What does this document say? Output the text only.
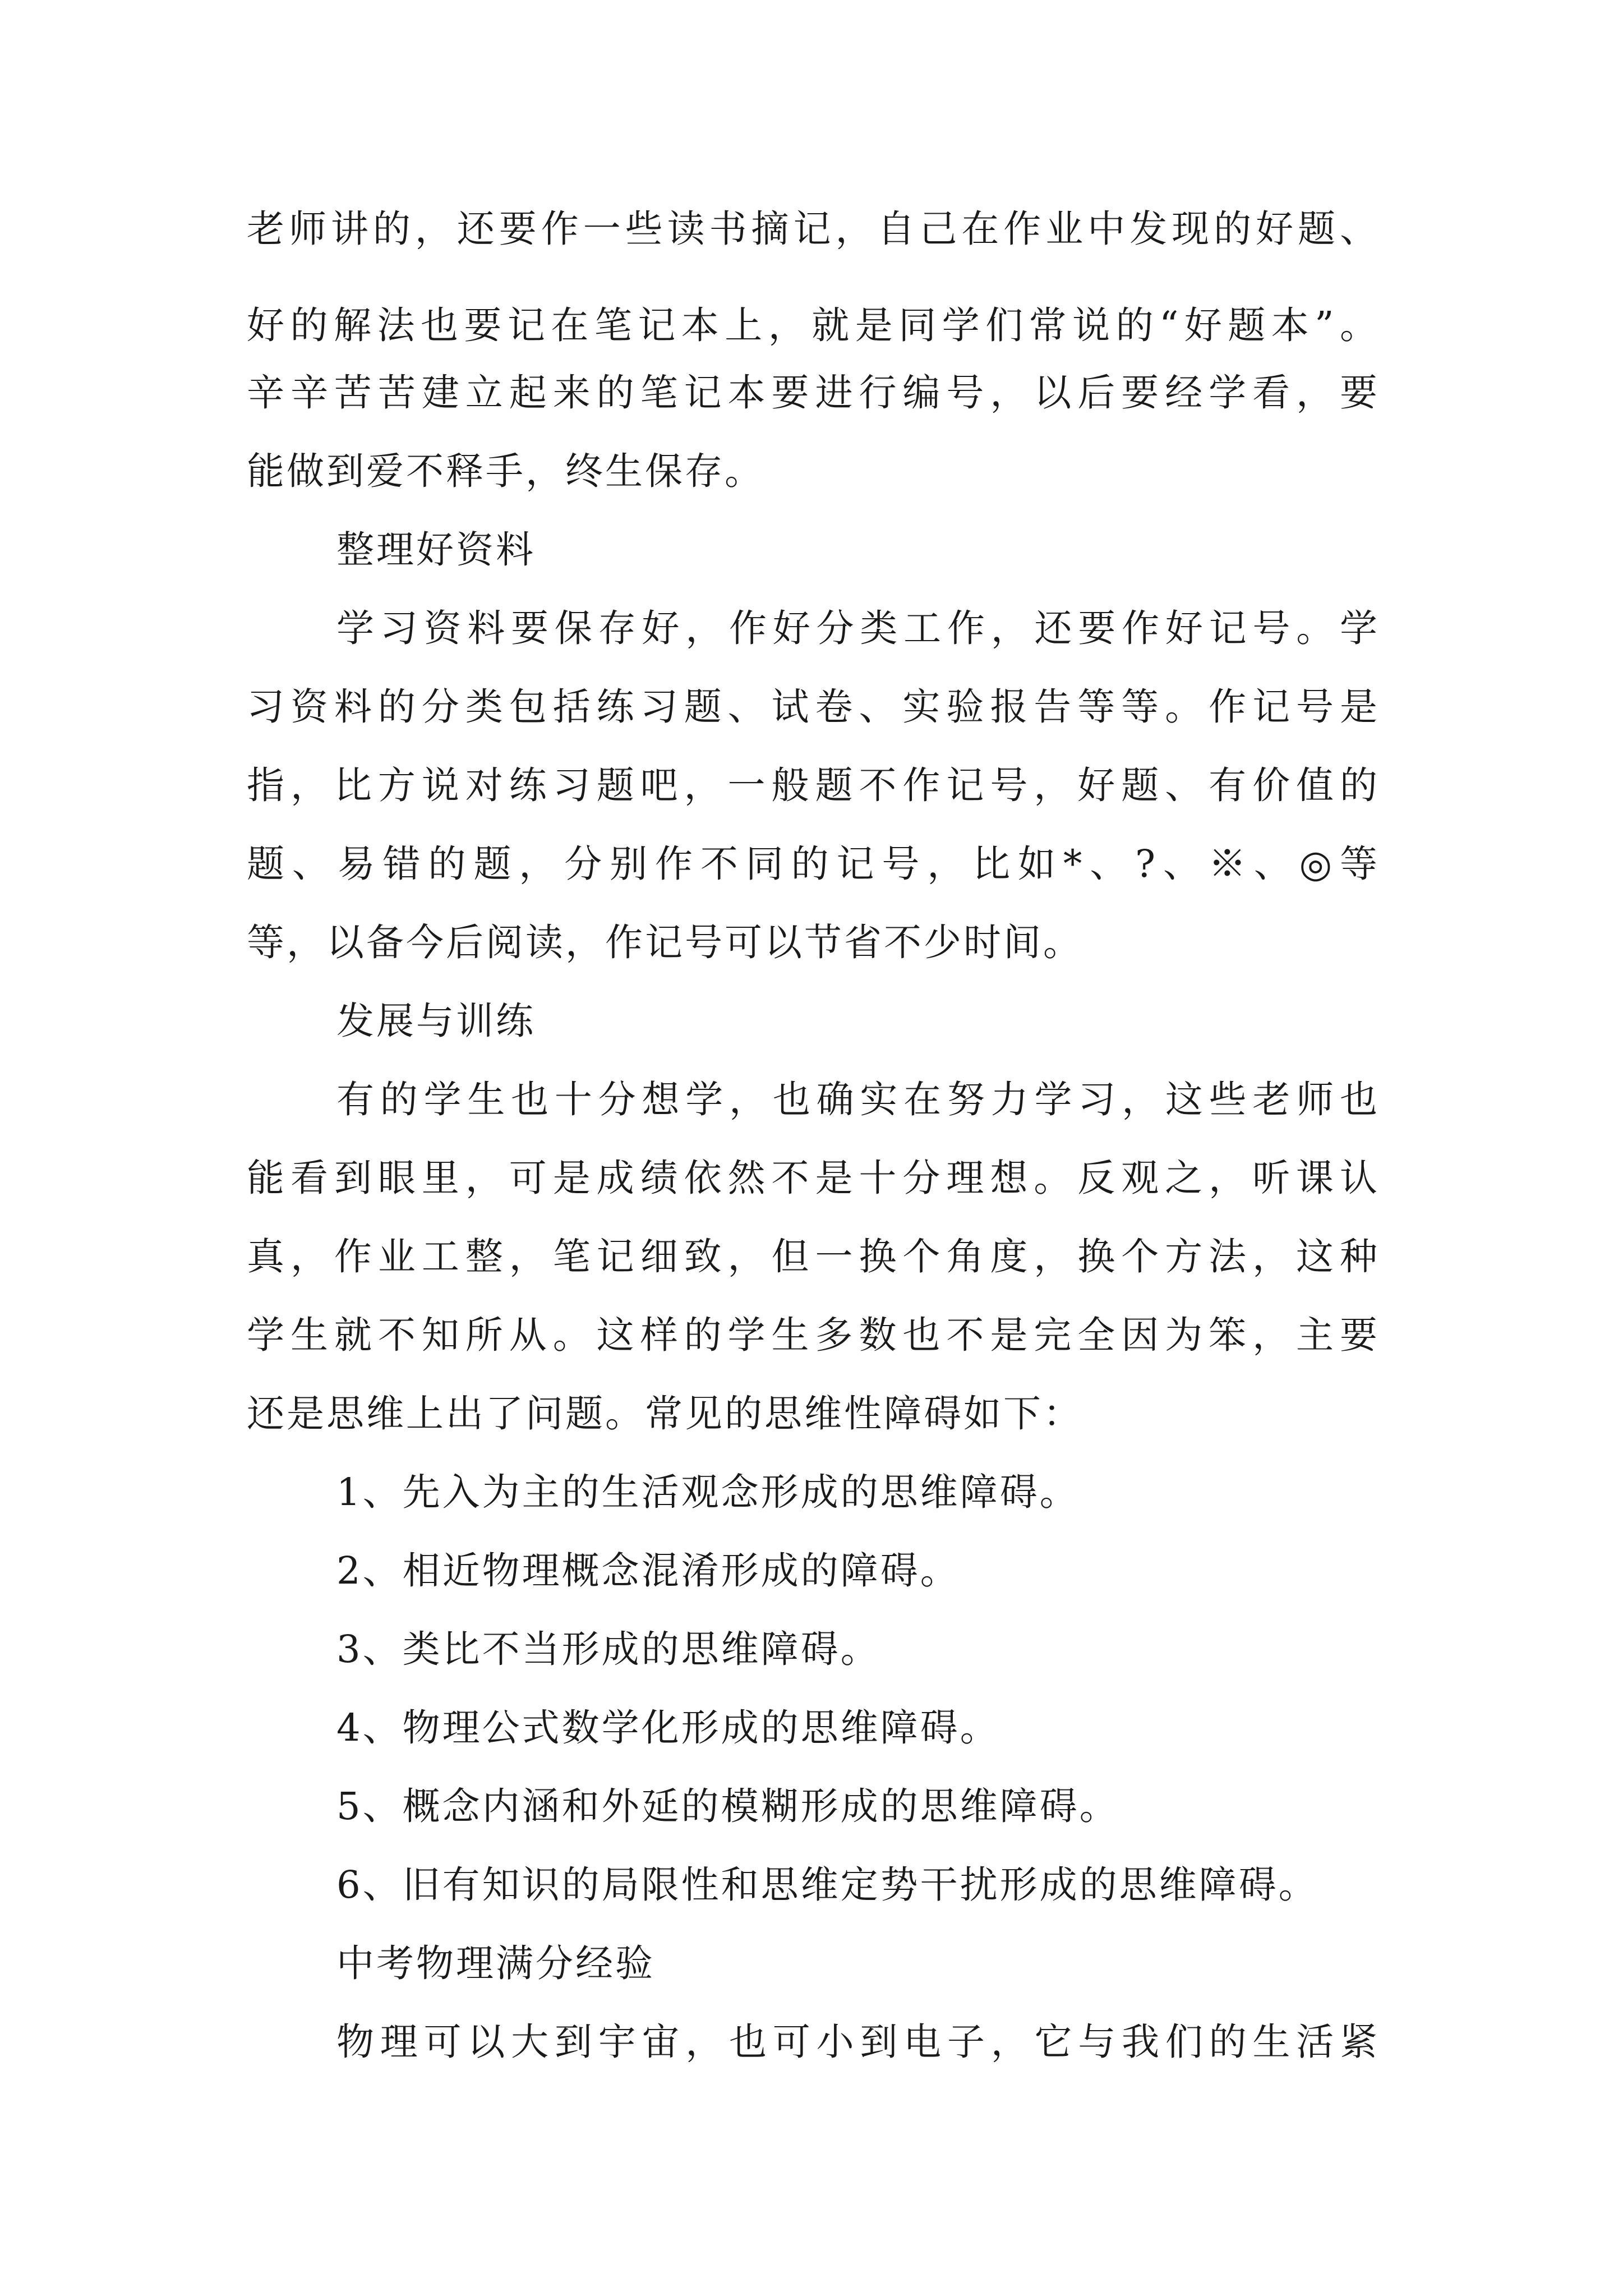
老师讲的，还要作一些读书摘记，自己在作业中发现的好题、
好的解法也要记在笔记本上，就是同学们常说的“好题本”。
辛辛苦苦建立起来的笔记本要进行编号，以后要经学看，要
能做到爱不释手，终生保存。
整理好资料
学习资料要保存好，作好分类工作，还要作好记号。学
习资料的分类包括练习题、试卷、实验报告等等。作记号是
指，比方说对练习题吧，一般题不作记号，好题、有价值的
题、易错的题，分别作不同的记号，比如*、?、※、◎等
等，以备今后阅读，作记号可以节省不少时间。
发展与训练
有的学生也十分想学，也确实在努力学习，这些老师也
能看到眼里，可是成绩依然不是十分理想。反观之，听课认
真，作业工整，笔记细致，但一换个角度，换个方法，这种
学生就不知所从。这样的学生多数也不是完全因为笨，主要
还是思维上出了问题。常见的思维性障碍如下：
1、先入为主的生活观念形成的思维障碍。
2、相近物理概念混淆形成的障碍。
3、类比不当形成的思维障碍。
4、物理公式数学化形成的思维障碍。
5、概念内涵和外延的模糊形成的思维障碍。
6、旧有知识的局限性和思维定势干扰形成的思维障碍。
中考物理满分经验
物理可以大到宇宙，也可小到电子，它与我们的生活紧
